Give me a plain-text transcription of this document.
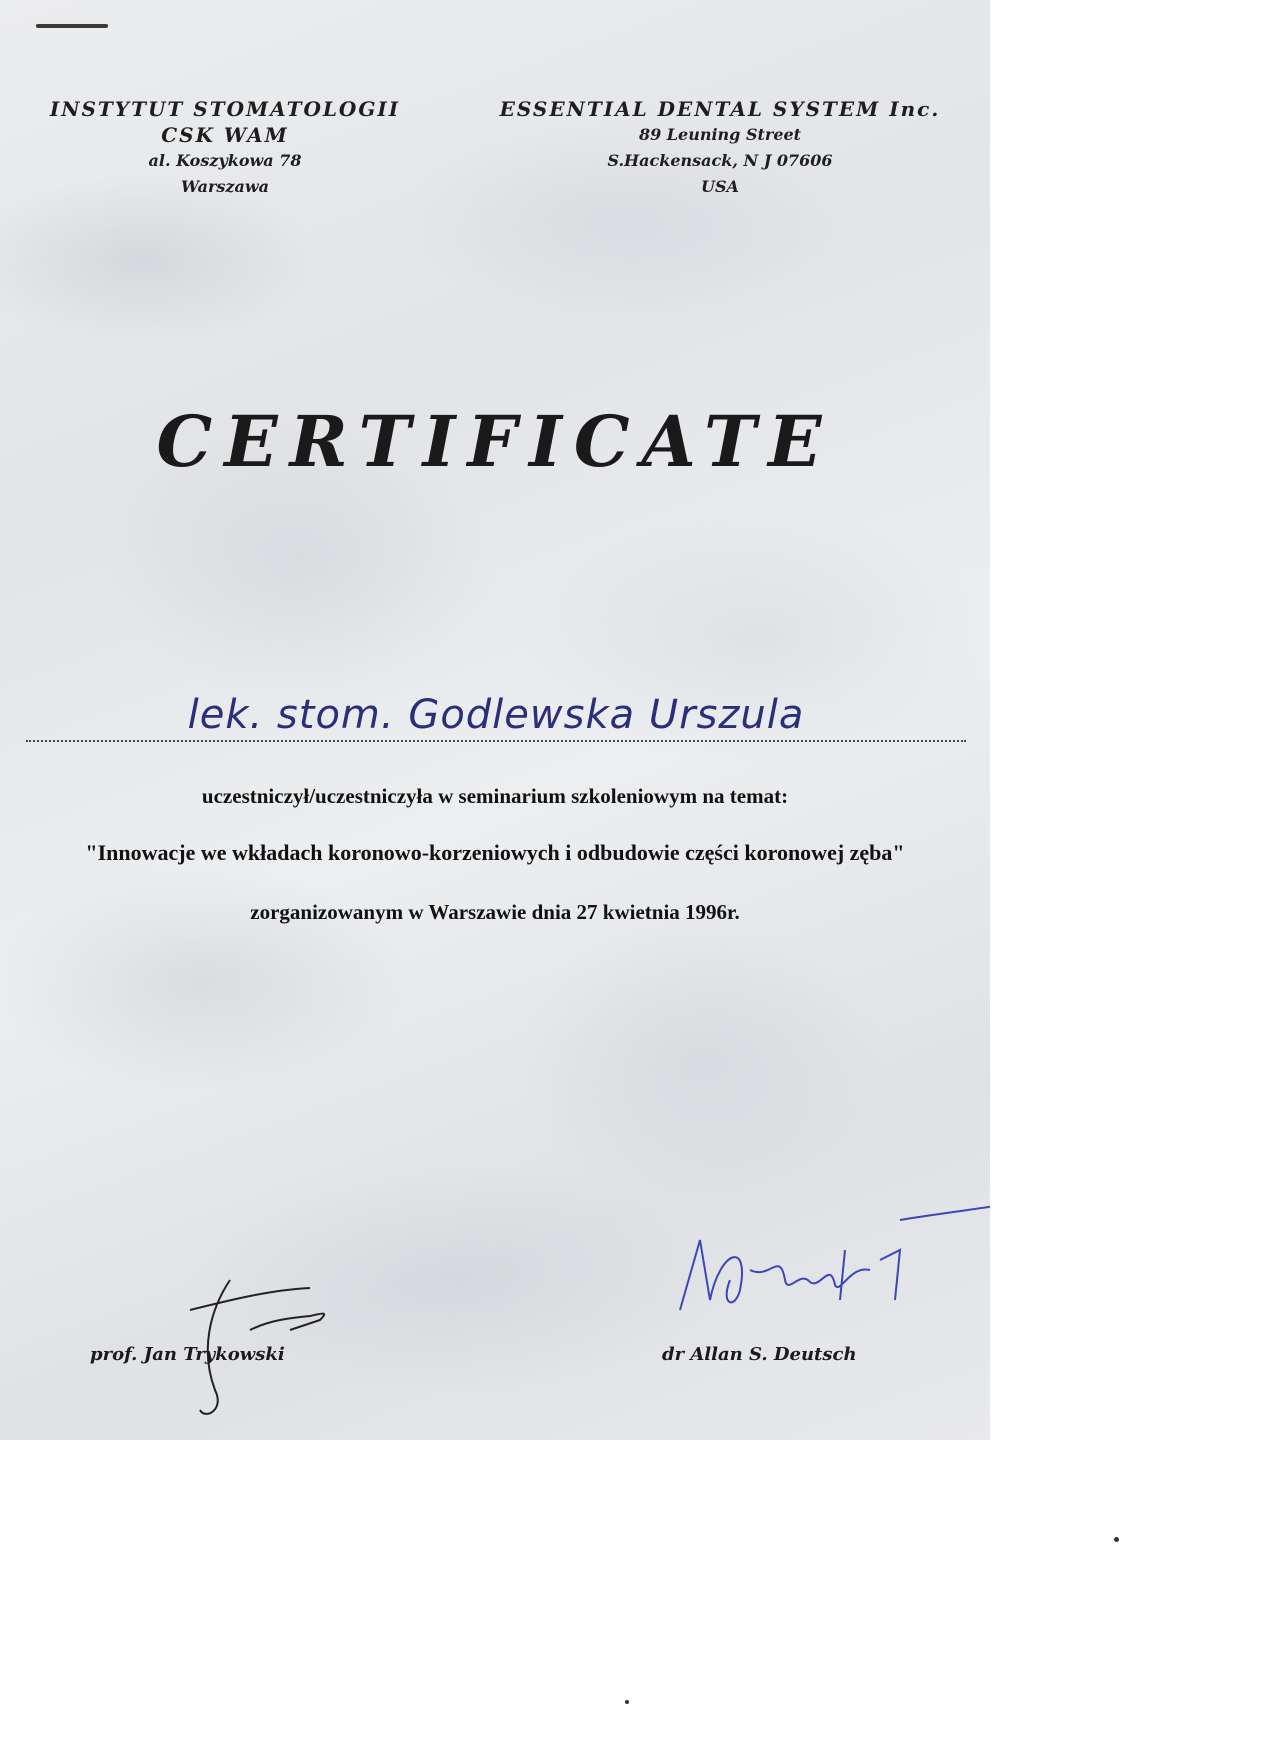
INSTYTUT STOMATOLOGII
CSK WAM
al. Koszykowa 78
Warszawa
ESSENTIAL DENTAL SYSTEM Inc.
89 Leuning Street
S.Hackensack, N J 07606
USA
CERTIFICATE
lek. stom. Godlewska Urszula
uczestniczył/uczestniczyła w seminarium szkoleniowym na temat:
"Innowacje we wkładach koronowo-korzeniowych i odbudowie części koronowej zęba"
zorganizowanym w Warszawie dnia 27 kwietnia 1996r.
prof. Jan Trykowski	dr Allan S. Deutsch
